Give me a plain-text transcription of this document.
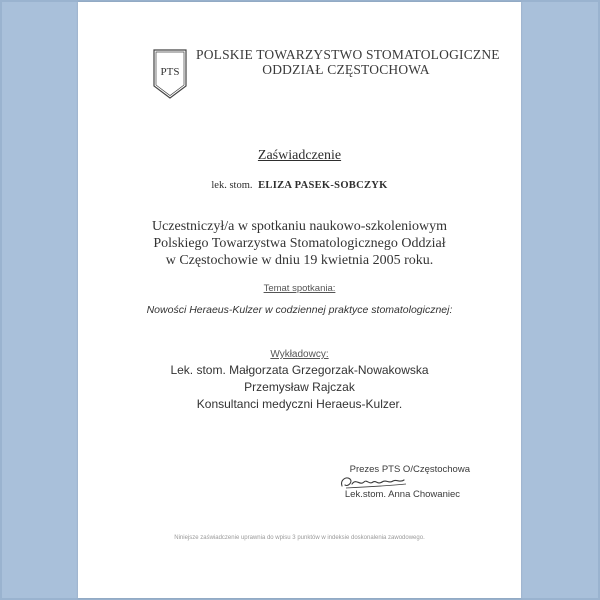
PTS
POLSKIE TOWARZYSTWO STOMATOLOGICZNE
ODDZIAŁ CZĘSTOCHOWA
Zaświadczenie
lek. stom. ELIZA PASEK-SOBCZYK
Uczestniczył/a w spotkaniu naukowo-szkoleniowym
Polskiego Towarzystwa Stomatologicznego Oddział
w Częstochowie w dniu 19 kwietnia 2005 roku.
Temat spotkania:
Nowości Heraeus-Kulzer w codziennej praktyce stomatologicznej:
Wykładowcy:
Lek. stom. Małgorzata Grzegorzak-Nowakowska
Przemysław Rajczak
Konsultanci medyczni Heraeus-Kulzer.
Prezes PTS O/Częstochowa
Lek.stom. Anna Chowaniec
Niniejsze zaświadczenie uprawnia do wpisu 3 punktów w indeksie doskonalenia zawodowego.
